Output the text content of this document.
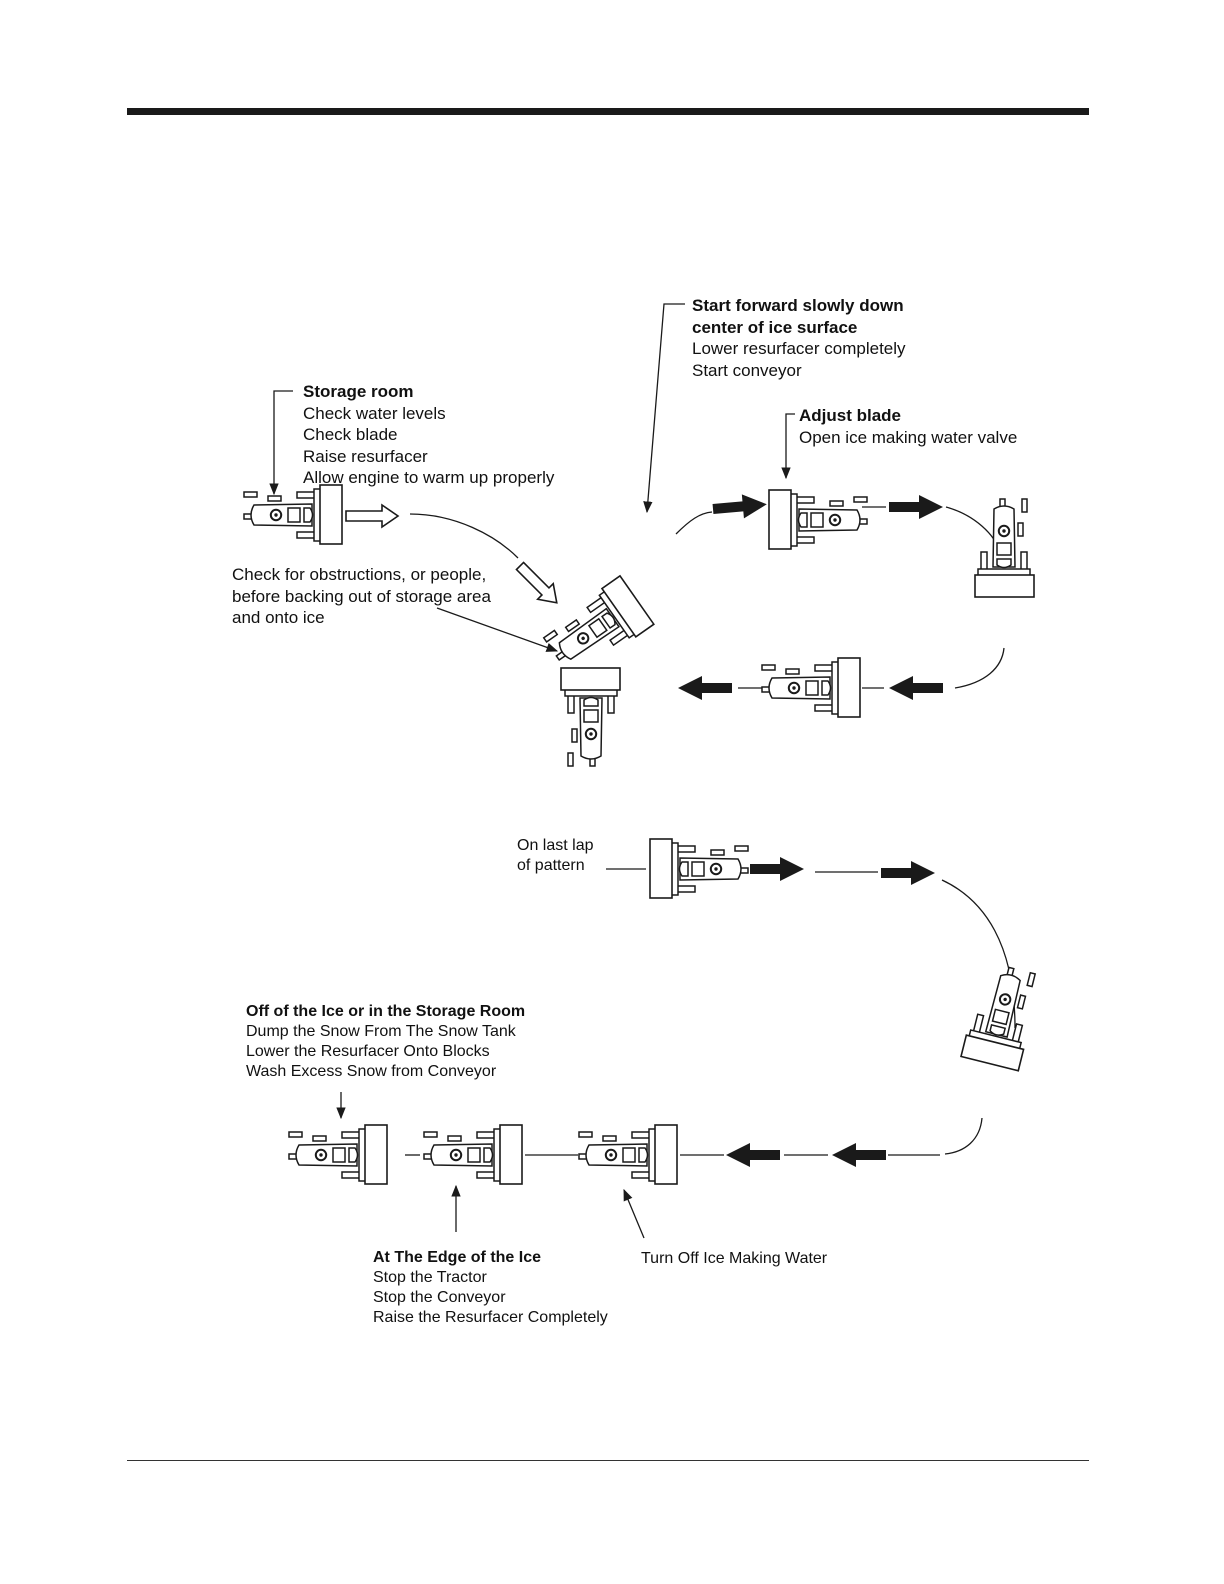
Storage room
Check water levels
Check blade
Raise resurfacer
Allow engine to warm up properly
Check for obstructions, or people,
before backing out of storage area
and onto ice
Start forward slowly down
center of ice surface
Lower resurfacer completely
Start conveyor
Adjust blade
Open ice making water valve
On last lap
of pattern
Off of the Ice or in the Storage Room
Dump the Snow From The Snow Tank
Lower the Resurfacer Onto Blocks
Wash Excess Snow from Conveyor
At The Edge of the Ice
Stop the Tractor
Stop the Conveyor
Raise the Resurfacer Completely
Turn Off Ice Making Water
